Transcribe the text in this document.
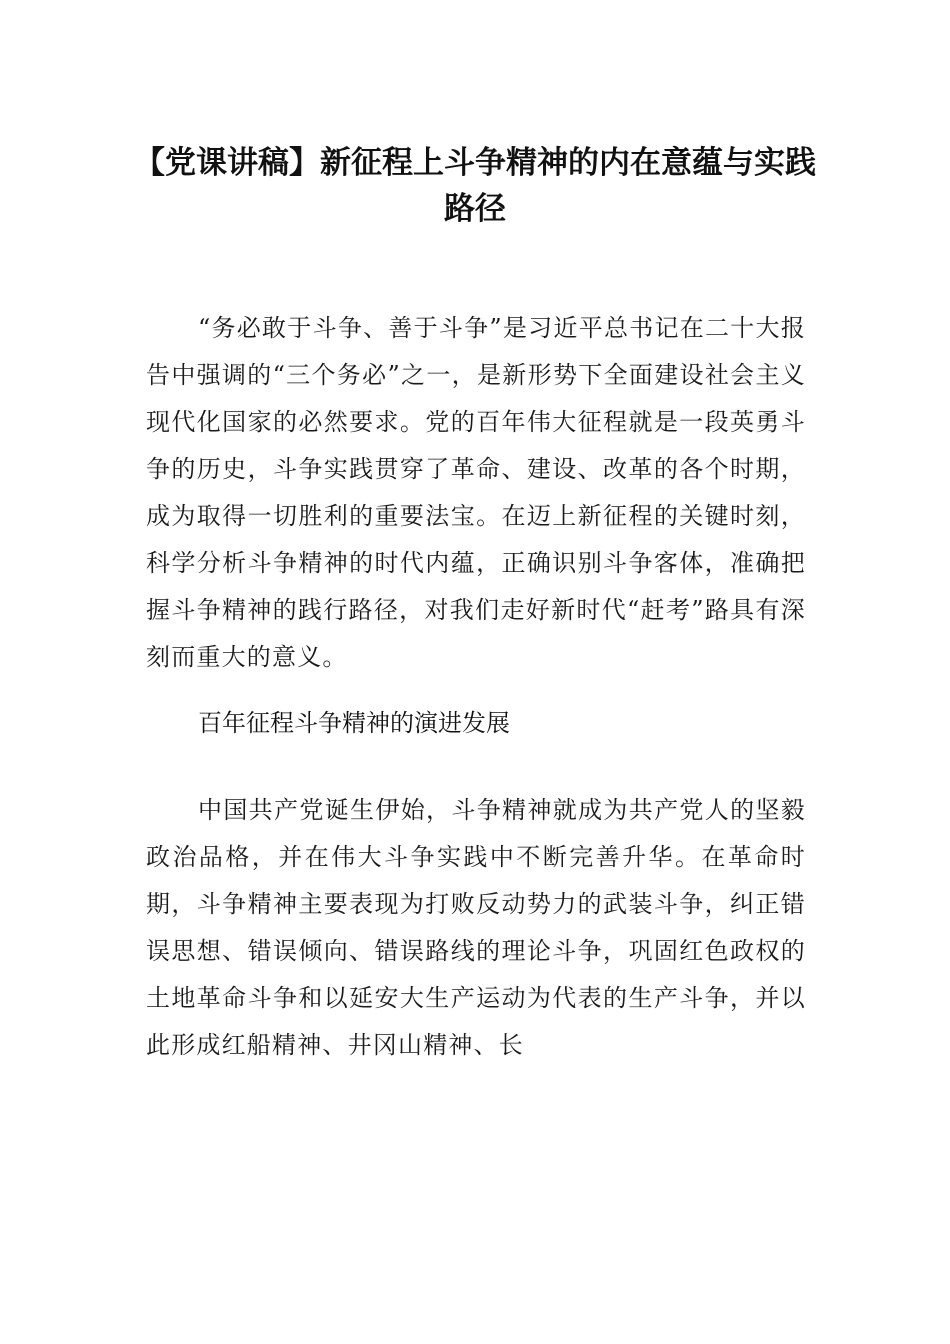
【党课讲稿】新征程上斗争精神的内在意蕴与实践路径

“务必敢于斗争、善于斗争”是习近平总书记在二十大报告中强调的“三个务必”之一，是新形势下全面建设社会主义现代化国家的必然要求。党的百年伟大征程就是一段英勇斗争的历史，斗争实践贯穿了革命、建设、改革的各个时期，成为取得一切胜利的重要法宝。在迈上新征程的关键时刻，科学分析斗争精神的时代内蕴，正确识别斗争客体，准确把握斗争精神的践行路径，对我们走好新时代“赶考”路具有深刻而重大的意义。

百年征程斗争精神的演进发展

中国共产党诞生伊始，斗争精神就成为共产党人的坚毅政治品格，并在伟大斗争实践中不断完善升华。在革命时期，斗争精神主要表现为打败反动势力的武装斗争，纠正错误思想、错误倾向、错误路线的理论斗争，巩固红色政权的土地革命斗争和以延安大生产运动为代表的生产斗争，并以此形成红船精神、井冈山精神、长
